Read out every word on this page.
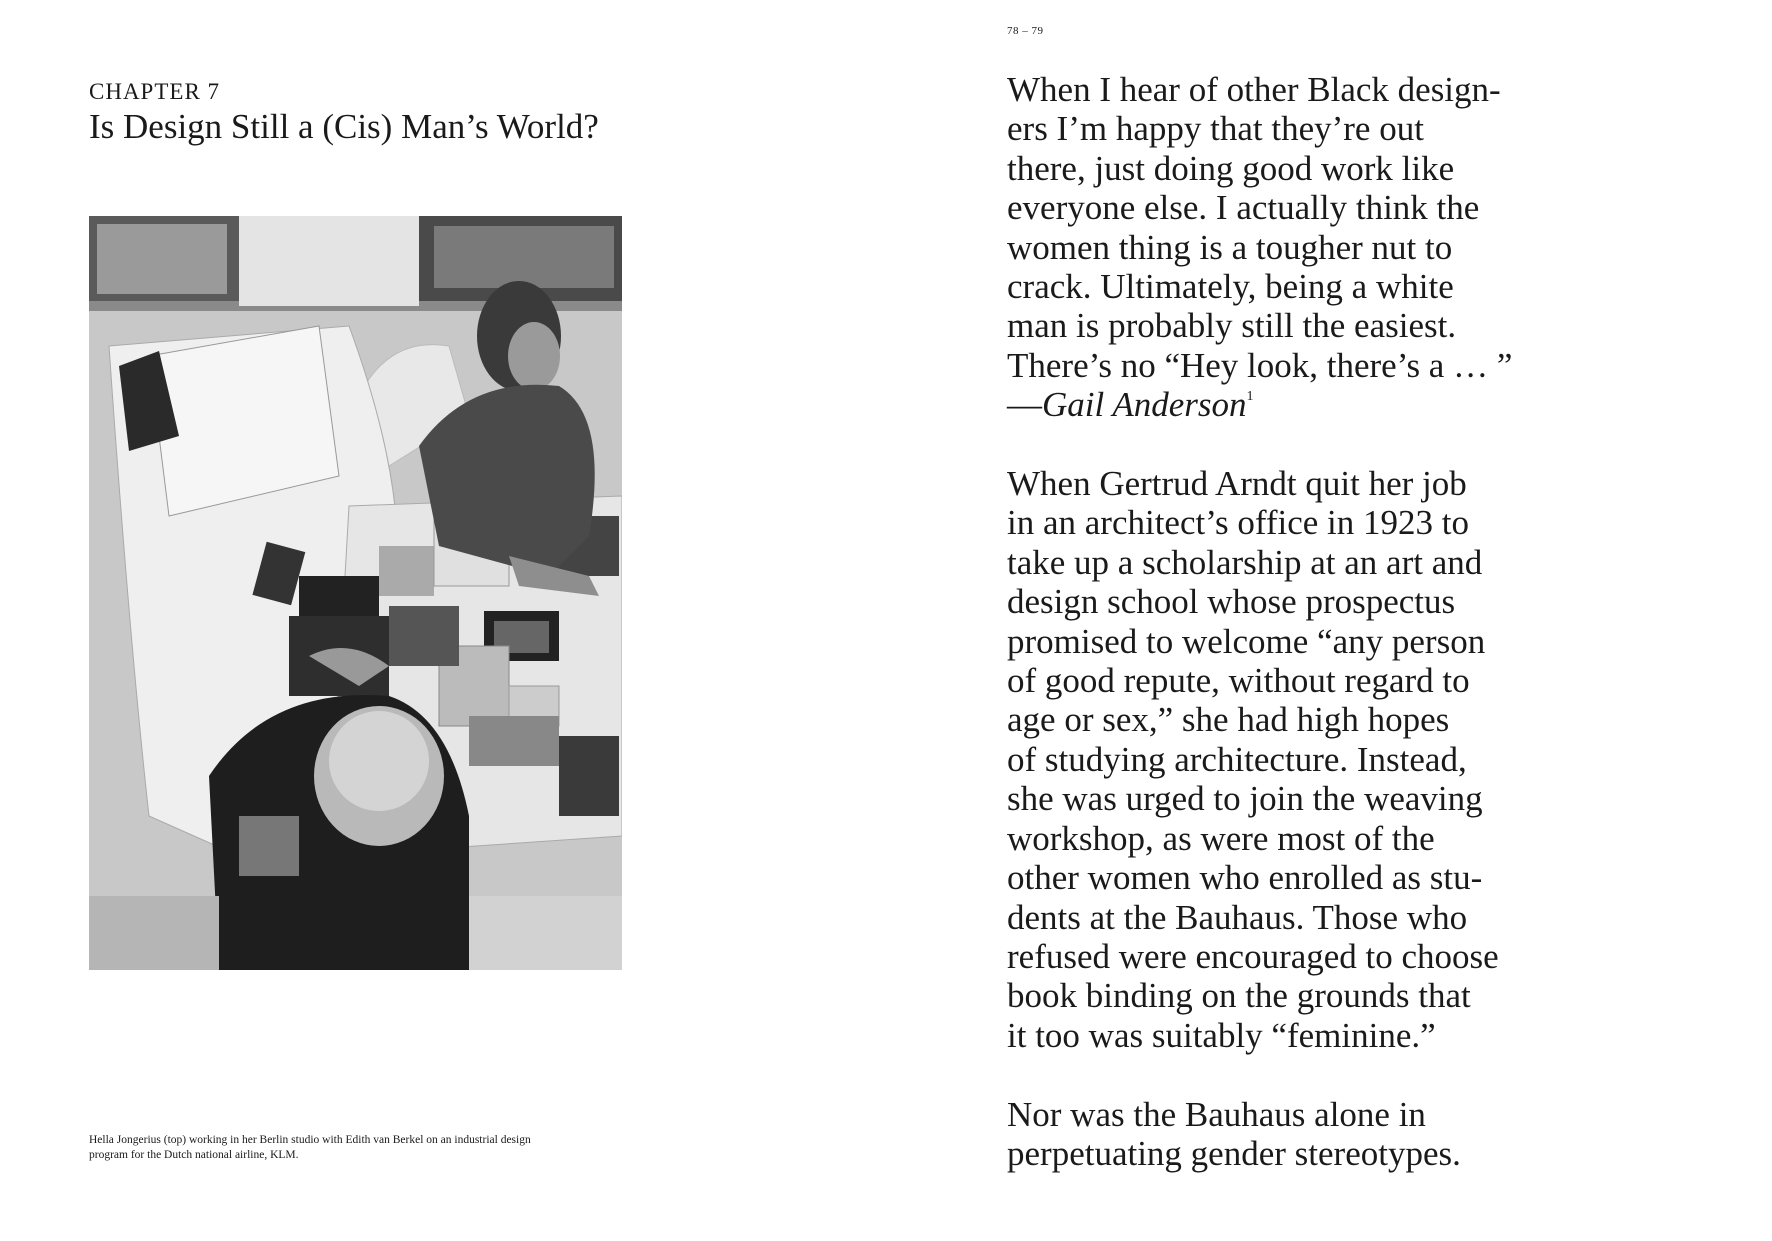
CHAPTER 7
Is Design Still a (Cis) Man’s World?
Hella Jongerius (top) working in her Berlin studio with Edith van Berkel on an industrial design
program for the Dutch national airline, KLM.
78 – 79
When I hear of other Black design-
ers I’m happy that they’re out
there, just doing good work like
everyone else. I actually think the
women thing is a tougher nut to
crack. Ultimately, being a white
man is probably still the easiest.
There’s no “Hey look, there’s a … ”
—Gail Anderson$^1$
When Gertrud Arndt quit her job
in an architect’s office in 1923 to
take up a scholarship at an art and
design school whose prospectus
promised to welcome “any person
of good repute, without regard to
age or sex,” she had high hopes
of studying architecture. Instead,
she was urged to join the weaving
workshop, as were most of the
other women who enrolled as stu-
dents at the Bauhaus. Those who
refused were encouraged to choose
book binding on the grounds that
it too was suitably “feminine.”
Nor was the Bauhaus alone in
perpetuating gender stereotypes.
